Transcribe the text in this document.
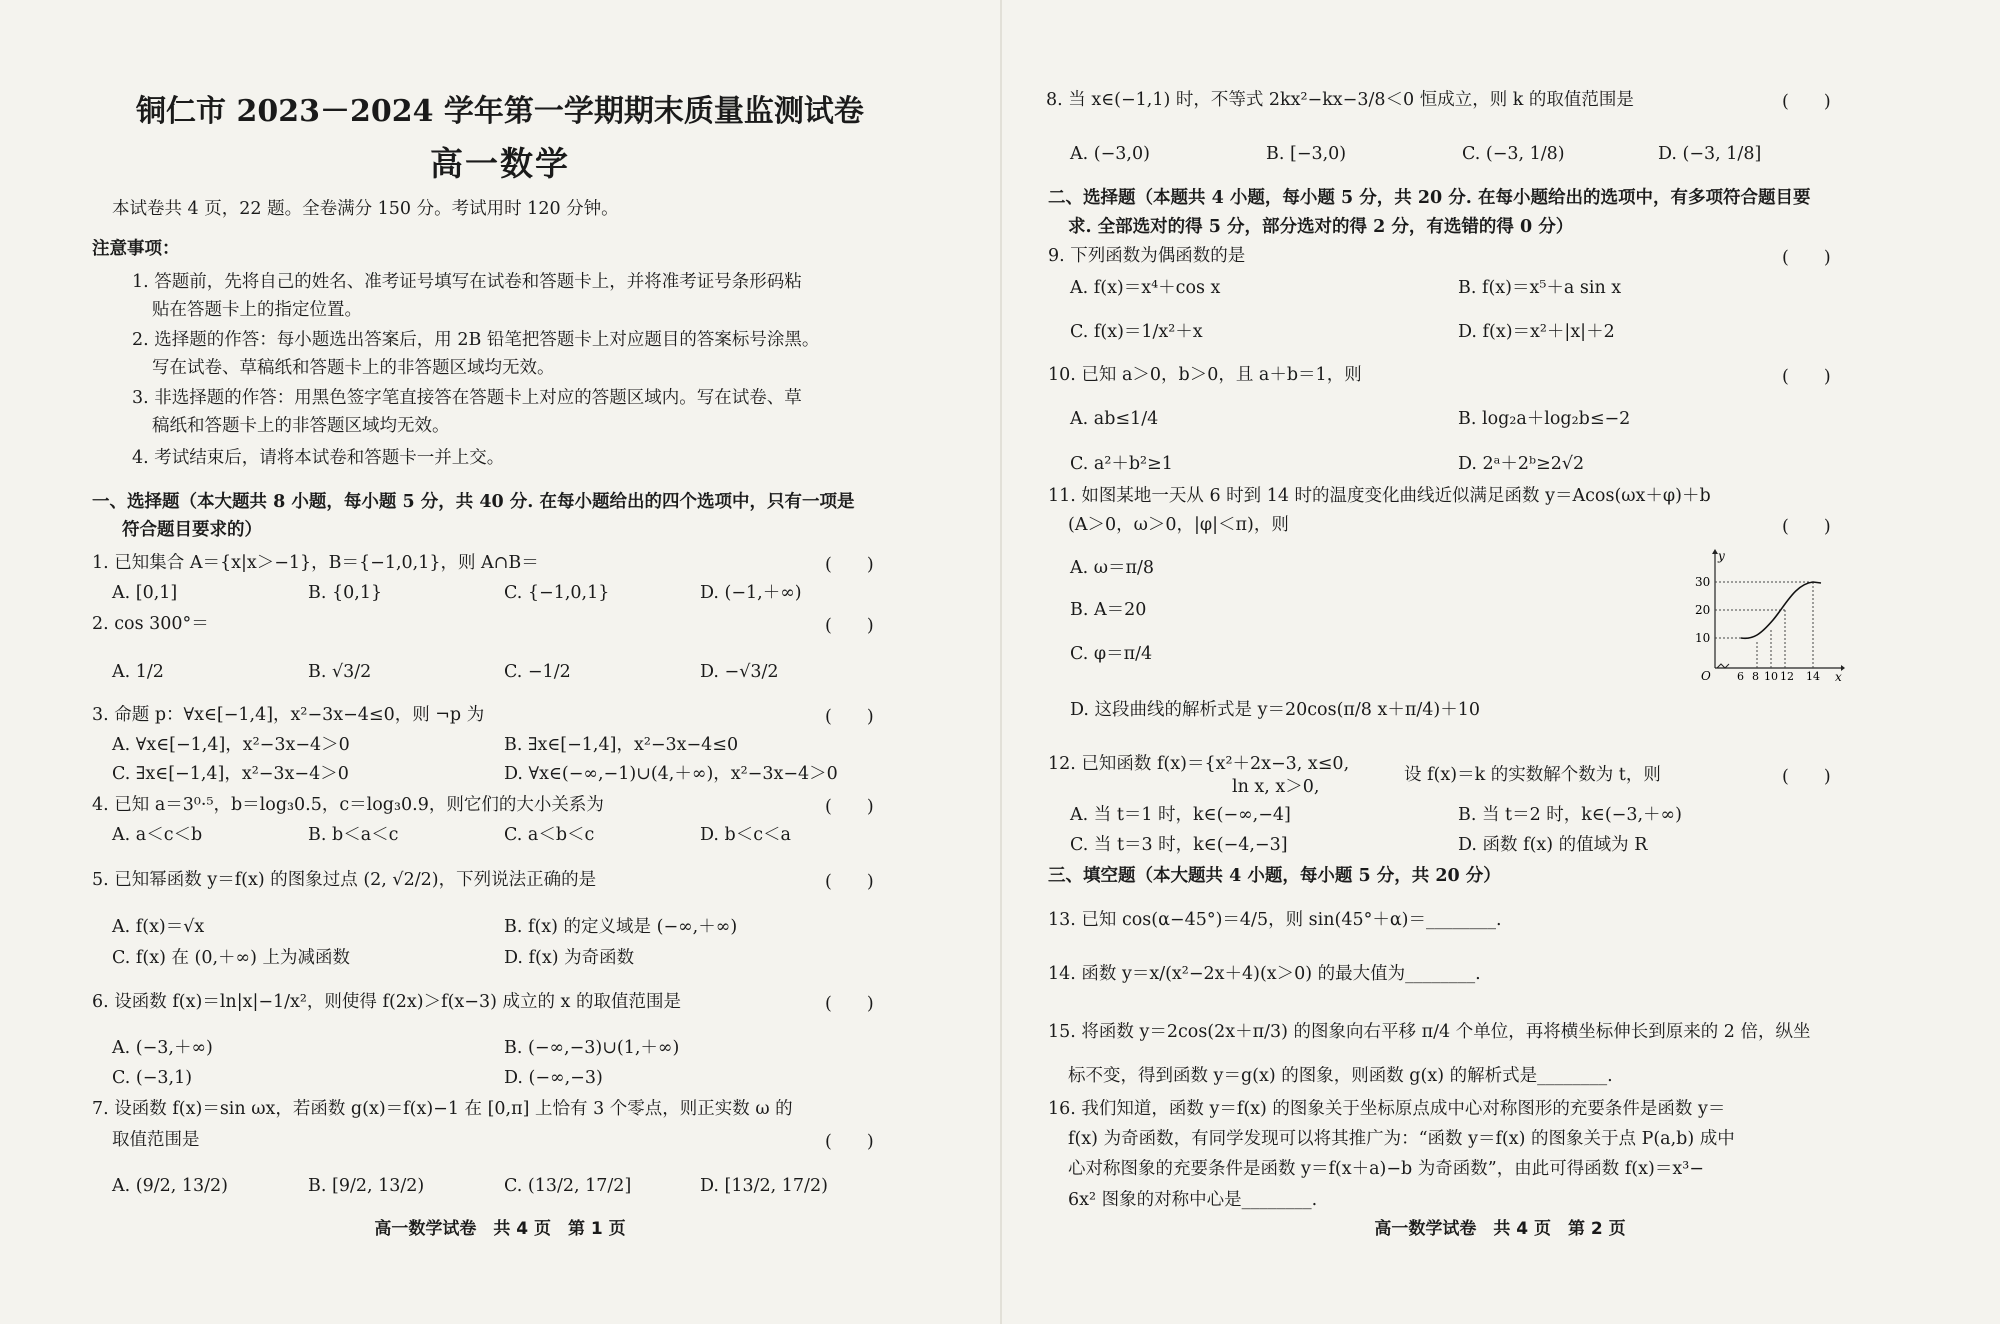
铜仁市 2023－2024 学年第一学期期末质量监测试卷
高一数学
本试卷共 4 页，22 题。全卷满分 150 分。考试用时 120 分钟。
注意事项：
1. 答题前，先将自己的姓名、准考证号填写在试卷和答题卡上，并将准考证号条形码粘
贴在答题卡上的指定位置。
2. 选择题的作答：每小题选出答案后，用 2B 铅笔把答题卡上对应题目的答案标号涂黑。
写在试卷、草稿纸和答题卡上的非答题区域均无效。
3. 非选择题的作答：用黑色签字笔直接答在答题卡上对应的答题区域内。写在试卷、草
稿纸和答题卡上的非答题区域均无效。
4. 考试结束后，请将本试卷和答题卡一并上交。
一、选择题（本大题共 8 小题，每小题 5 分，共 40 分. 在每小题给出的四个选项中，只有一项是
符合题目要求的）
1. 已知集合 A＝{x|x＞−1}，B＝{−1,0,1}，则 A∩B＝	(　　)
A. [0,1]	B. {0,1}	C. {−1,0,1}	D. (−1,＋∞)
2. cos 300°＝	(　　)
A. 1/2	B. √3/2	C. −1/2	D. −√3/2
3. 命题 p：∀x∈[−1,4]，x²−3x−4≤0，则 ¬p 为	(　　)
A. ∀x∈[−1,4]，x²−3x−4＞0	B. ∃x∈[−1,4]，x²−3x−4≤0
C. ∃x∈[−1,4]，x²−3x−4＞0	D. ∀x∈(−∞,−1)∪(4,＋∞)，x²−3x−4＞0
4. 已知 a＝3⁰·⁵，b＝log₃0.5，c＝log₃0.9，则它们的大小关系为	(　　)
A. a＜c＜b	B. b＜a＜c	C. a＜b＜c	D. b＜c＜a
5. 已知幂函数 y＝f(x) 的图象过点 (2, √2/2)，下列说法正确的是	(　　)
A. f(x)＝√x	B. f(x) 的定义域是 (−∞,＋∞)
C. f(x) 在 (0,＋∞) 上为减函数	D. f(x) 为奇函数
6. 设函数 f(x)＝ln|x|−1/x²，则使得 f(2x)＞f(x−3) 成立的 x 的取值范围是	(　　)
A. (−3,＋∞)	B. (−∞,−3)∪(1,＋∞)
C. (−3,1)	D. (−∞,−3)
7. 设函数 f(x)＝sin ωx，若函数 g(x)＝f(x)−1 在 [0,π] 上恰有 3 个零点，则正实数 ω 的
取值范围是	(　　)
A. (9/2, 13/2)	B. [9/2, 13/2)	C. (13/2, 17/2]	D. [13/2, 17/2)
高一数学试卷　共 4 页　第 1 页
8. 当 x∈(−1,1) 时，不等式 2kx²−kx−3/8＜0 恒成立，则 k 的取值范围是	(　　)
A. (−3,0)	B. [−3,0)	C. (−3, 1/8)	D. (−3, 1/8]
二、选择题（本题共 4 小题，每小题 5 分，共 20 分. 在每小题给出的选项中，有多项符合题目要
求. 全部选对的得 5 分，部分选对的得 2 分，有选错的得 0 分）
9. 下列函数为偶函数的是	(　　)
A. f(x)＝x⁴＋cos x	B. f(x)＝x⁵＋a sin x
C. f(x)＝1/x²＋x	D. f(x)＝x²＋|x|＋2
10. 已知 a＞0，b＞0，且 a＋b＝1，则	(　　)
A. ab≤1/4	B. log₂a＋log₂b≤−2
C. a²＋b²≥1	D. 2ᵃ＋2ᵇ≥2√2
11. 如图某地一天从 6 时到 14 时的温度变化曲线近似满足函数 y＝Acos(ωx＋φ)＋b
(A＞0，ω＞0，|φ|＜π)，则	(　　)
A. ω＝π/8
B. A＝20
C. φ＝π/4
D. 这段曲线的解析式是 y＝20cos(π/8 x＋π/4)＋10
12. 已知函数 f(x)＝{x²＋2x−3, x≤0,
ln x, x＞0,
设 f(x)＝k 的实数解个数为 t，则	(　　)
A. 当 t＝1 时，k∈(−∞,−4]	B. 当 t＝2 时，k∈(−3,＋∞)
C. 当 t＝3 时，k∈(−4,−3]	D. 函数 f(x) 的值域为 R
三、填空题（本大题共 4 小题，每小题 5 分，共 20 分）
13. 已知 cos(α−45°)＝4/5，则 sin(45°＋α)＝________.
14. 函数 y＝x/(x²−2x＋4)(x＞0) 的最大值为________.
15. 将函数 y＝2cos(2x＋π/3) 的图象向右平移 π/4 个单位，再将横坐标伸长到原来的 2 倍，纵坐
标不变，得到函数 y＝g(x) 的图象，则函数 g(x) 的解析式是________.
16. 我们知道，函数 y＝f(x) 的图象关于坐标原点成中心对称图形的充要条件是函数 y＝
f(x) 为奇函数，有同学发现可以将其推广为：“函数 y＝f(x) 的图象关于点 P(a,b) 成中
心对称图象的充要条件是函数 y＝f(x＋a)−b 为奇函数”，由此可得函数 f(x)＝x³−
6x² 图象的对称中心是________.
高一数学试卷　共 4 页　第 2 页
y
x
O
30
20
10
6 8 10 12 14
